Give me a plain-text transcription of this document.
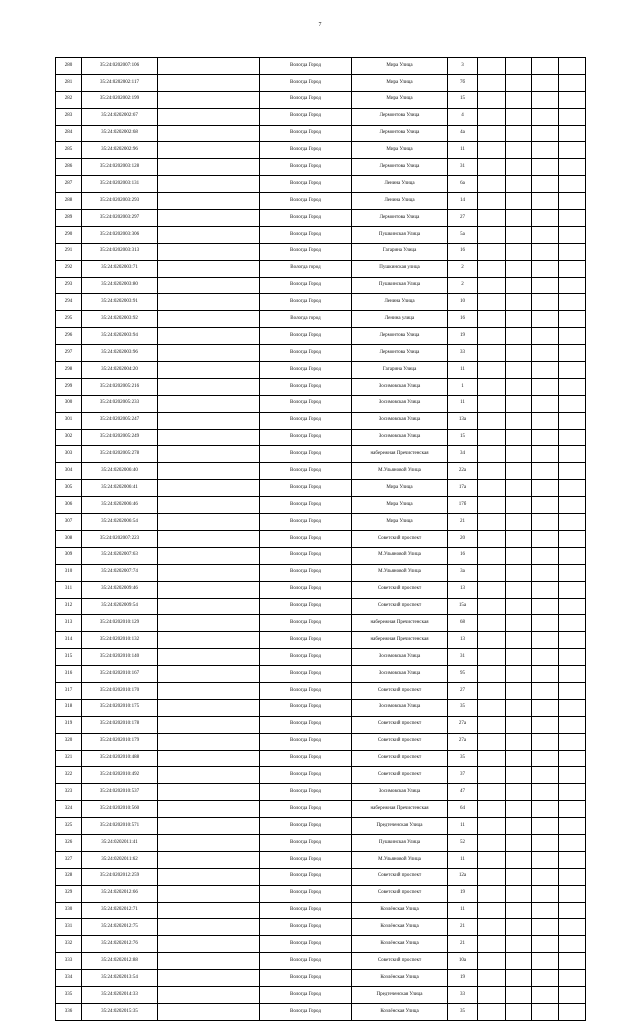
7
280	35:24:0202007:106		Вологда Город	Мира Улица	3				
281	35:24:0202002:117		Вологда Город	Мира Улица	7б				
282	35:24:0202002:199		Вологда Город	Мира Улица	15				
283	35:24:0202002:67		Вологда Город	Лермонтова Улица	4				
284	35:24:0202002:68		Вологда Город	Лермонтова Улица	4а				
285	35:24:0202002:96		Вологда Город	Мира Улица	11				
286	35:24:0202003:128		Вологда Город	Лермонтова Улица	31				
287	35:24:0202003:131		Вологда Город	Ленина Улица	6а				
288	35:24:0202003:293		Вологда Город	Ленина Улица	14				
289	35:24:0202003:297		Вологда Город	Лермонтова Улица	27				
290	35:24:0202003:306		Вологда Город	Пушкинская Улица	5а				
291	35:24:0202003:313		Вологда Город	Гагарина Улица	16				
292	35:24:0202003:71		Вологда город	Пушкинская улица	2				
293	35:24:0202003:80		Вологда Город	Пушкинская Улица	2				
294	35:24:0202003:91		Вологда Город	Ленина Улица	10				
295	35:24:0202003:92		Вологда город	Ленина улица	16				
296	35:24:0202003:94		Вологда Город	Лермонтова Улица	19				
297	35:24:0202003:96		Вологда Город	Лермонтова Улица	33				
298	35:24:0202004:20		Вологда Город	Гагарина Улица	11				
299	35:24:0202005:216		Вологда Город	Зосимовская Улица	1				
300	35:24:0202005:233		Вологда Город	Зосимовская Улица	11				
301	35:24:0202005:247		Вологда Город	Зосимовская Улица	13а				
302	35:24:0202005:249		Вологда Город	Зосимовская Улица	15				
303	35:24:0202005:278		Вологда Город	набережная Пречистенская	34				
304	35:24:0202006:40		Вологда Город	М.Ульяновой Улица	22а				
305	35:24:0202006:41		Вологда Город	Мира Улица	17а				
306	35:24:0202006:46		Вологда Город	Мира Улица	17б				
307	35:24:0202006:54		Вологда Город	Мира Улица	21				
308	35:24:0202007:223		Вологда Город	Советский проспект	20				
309	35:24:0202007:63		Вологда Город	М.Ульяновой Улица	16				
310	35:24:0202007:74		Вологда Город	М.Ульяновой Улица	3а				
311	35:24:0202009:46		Вологда Город	Советский проспект	13				
312	35:24:0202009:54		Вологда Город	Советский проспект	15а				
313	35:24:0202010:129		Вологда Город	набережная Пречистенская	68				
314	35:24:0202010:132		Вологда Город	набережная Пречистенская	13				
315	35:24:0202010:140		Вологда Город	Зосимовская Улица	31				
316	35:24:0202010:167		Вологда Город	Зосимовская Улица	95				
317	35:24:0202010:170		Вологда Город	Советский проспект	27				
318	35:24:0202010:175		Вологда Город	Зосимовская Улица	35				
319	35:24:0202010:178		Вологда Город	Советский проспект	27а				
320	35:24:0202010:179		Вологда Город	Советский проспект	27а				
321	35:24:0202010:488		Вологда Город	Советский проспект	35				
322	35:24:0202010:492		Вологда Город	Советский проспект	37				
323	35:24:0202010:537		Вологда Город	Зосимовская Улица	47				
324	35:24:0202010:560		Вологда Город	набережная Пречистенская	64				
325	35:24:0202010:571		Вологда Город	Предтеченская Улица	11				
326	35:24:0202011:41		Вологда Город	Пушкинская Улица	52				
327	35:24:0202011:62		Вологда Город	М.Ульяновой Улица	11				
328	35:24:0202012:259		Вологда Город	Советский проспект	12а				
329	35:24:0202012:66		Вологда Город	Советский проспект	19				
330	35:24:0202012:71		Вологда Город	Козлёнская Улица	11				
331	35:24:0202012:75		Вологда Город	Козлёнская Улица	21				
332	35:24:0202012:76		Вологда Город	Козлёнская Улица	21				
333	35:24:0202012:88		Вологда Город	Советский проспект	10а				
334	35:24:0202013:54		Вологда Город	Козлёнская Улица	19				
335	35:24:0202014:33		Вологда Город	Предтеченская Улица	33				
336	35:24:0202015:35		Вологда Город	Козлёнская Улица	35				
